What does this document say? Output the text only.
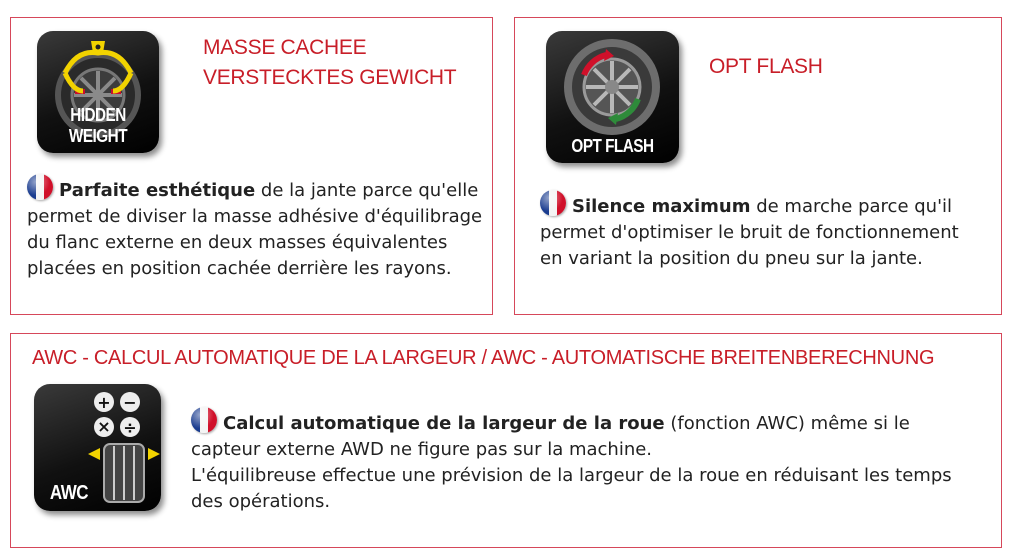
HIDDEN WEIGHT
MASSE CACHEE
VERSTECKTES GEWICHT

Parfaite esthétique de la jante parce qu'elle permet de diviser la masse adhésive d'équilibrage du flanc externe en deux masses équivalentes placées en position cachée derrière les rayons.

OPT FLASH
OPT FLASH

Silence maximum de marche parce qu'il permet d'optimiser le bruit de fonctionnement en variant la position du pneu sur la jante.

AWC - CALCUL AUTOMATIQUE DE LA LARGEUR / AWC - AUTOMATISCHE BREITENBERECHNUNG
+ −
× ÷
AWC

Calcul automatique de la largeur de la roue (fonction AWC) même si le capteur externe AWD ne figure pas sur la machine.
L'équilibreuse effectue une prévision de la largeur de la roue en réduisant les temps des opérations.
